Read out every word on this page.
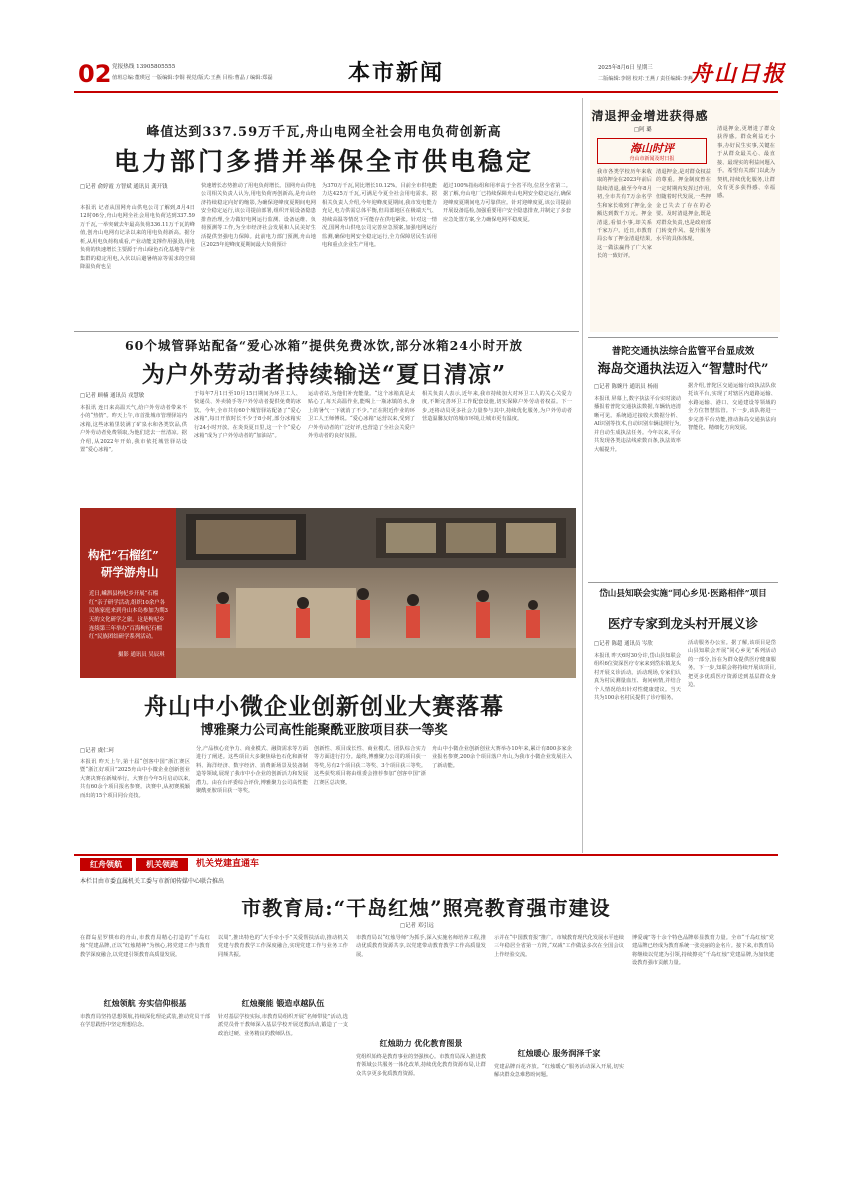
02 党报热线 13905805555
值班总编:董瑛冠 一版编辑:李铜 视觉/版式:王燕 目检:曹晶 / 编辑:郑磊	本市新闻	2025年8月6日 星期三
二版编辑:李钢 校对:王燕 / 责任编辑:李燕
舟山日报
峰值达到337.59万千瓦,舟山电网全社会用电负荷创新高
电力部门多措并举保全市供电稳定
□记者 俞婷霞 方智斌 通讯员 龚开钱
本报讯 记者从国网舟山供电公司了解到,8月4日12时06分,舟山电网全社会用电负荷达到337.59万千瓦,一举突破去年最高负荷336.11万千瓦的峰值,创舟山电网有记录以来的用电负荷新高。据分析,从用电负荷构成看,产业动能支撑作用强劲,用电负荷的快速增长主要源于舟山绿色石化基地等产业集群的稳定用电,入伏以后避暑纳凉等需求的空调降温负荷也呈
快速增长态势推动了用电负荷增长。国网舟山供电公司相关负责人认为,用电负荷再创新高,是舟山经济持续稳定向好的缩影,为确保迎峰度夏期间电网安全稳定运行,该公司提前部署,组织开展设备隐患排查治理,全力做好电网运行监测、设备运维、负荷预测等工作,为全市经济社会发展和人民美好生活提供坚强电力保障。此前电力部门预测,舟山地区2025年迎峰度夏期间最大负荷预计
为370万千瓦,同比增长10.12%。目前全市供电能力达425万千瓦,可满足今夏全社会用电需求。据相关负责人介绍,今年迎峰度夏期间,我市发电能力充足,电力供需总体平衡,但局部地区在极端天气、持续高温等情况下可能存在供电紧张。针对这一情况,国网舟山供电公司完善应急预案,加强电网运行监测,确保电网安全稳定运行,全力保障居民生活用电和重点企业生产用电。
超过100%指标组和用率高于全省平均,位居全省第二。据了解,舟山电厂已持续保障舟山电网安全稳定运行,确保迎峰度夏期间电力可靠供应。针对迎峰度夏,该公司提前开展设备巡检,加强重要用户安全隐患排查,并制定了多套应急处置方案,全力确保电网平稳度夏。
60个城管驿站配备“爱心冰箱”提供免费冰饮,部分冰箱24小时开放
为户外劳动者持续输送“夏日清凉”
□记者 顾楠 通讯员 戎慧敏
本报讯 连日来高温天气,给户外劳动者带来不小的“热情”。昨天上午,市首批城市管理驿站内冰箱,这些冰箱里装满了矿泉水和各类饮品,供户外劳动者免费领取,为他们送去一丝清凉。据介绍,从2022年开始,我市依托城管驿站设置“爱心冰箱”,
于每年7月1日至10月15日期间为环卫工人、快递员、外卖骑手等户外劳动者提供免费的冰饮。今年,全市共有60个城管驿站配备了“爱心冰箱”,每日开放时长不少于8小时,部分冰箱实行24小时开放。在炎炎夏日里,这一个个“爱心冰箱”成为了户外劳动者的“加油站”。
运动者站,为他们补充能量。“这个冰箱真是太贴心了,每天高温作业,能喝上一瓶冰镇的水,身上的暑气一下就消了不少。”正在附近作业的环卫工人王师傅说。“爱心冰箱”运营以来,受到了户外劳动者的广泛好评,也营造了全社会关爱户外劳动者的良好氛围。
相关负责人表示,近年来,我市持续加大对环卫工人的关心关爱力度,不断完善环卫工作配套设施,切实保障户外劳动者权益。下一步,还将动员更多社会力量参与其中,持续优化服务,为户外劳动者营造温馨友好的城市环境,让城市更有温度。
构杞“石榴红”
研学游舟山
近日,嵊泗县枸杞乡开展“石榴红”亲子研学活动,组织10余户各民族家庭来到舟山本岛参加为期3天的文化研学之旅。这是枸杞乡连续第三年举办“百海枸杞石榴红”民族团结研学系列活动。
摄影 通讯员 吴辰琪
舟山中小微企业创新创业大赛落幕
博雅聚力公司高性能聚酰亚胺项目获一等奖
□记者 虞仁珂
本报讯 昨天上午,第十届“创客中国”浙江赛区暨“浙江好项目”2025舟山中小微企业创新创业大赛决赛在新城举行。大赛自今年5月启动以来,共有60余个项目报名参赛。决赛中,从初赛脱颖而出的15个项目同台竞技。
分,产品核心竞争力、商业模式、融资需求等方面进行了阐述。这些项目大多聚焦绿色石化和新材料、海洋经济、数字经济、消费新场景及装备制造等领域,展现了我市中小企业的创新活力和发展潜力。由在台评委综合评价,博雅聚力公司高性能聚酰亚胺项目获一等奖。
创新性、项目成长性、商业模式、团队综合实力等方面进行打分。最终,博雅聚力公司的项目获一等奖,另有2个项目获二等奖、3个项目获三等奖。这些获奖项目将由组委会推荐参加“创客中国”浙江赛区总决赛。
舟山中小微企业创新创业大赛举办10年来,累计有800多家企业报名参赛,200余个项目落户舟山,为我市小微企业发展注入了新动能。
清退押金增进获得感
□阿 璐
海山时评
舟山市新闻及时日报
我市各类学校历年来收取的押金在2023年前后陆续清退,截至今年8月初,全市共有7万余名学生和家长收到了押金,金额达到数千万元。押金清退,看似小事,却关系千家万户。近日,市教育局公布了押金清退结果,这一做法赢得了广大家长的一致好评。
清退押金,是对群众权益的尊重。押金制度曾在一定时期内发挥过作用,但随着时代发展,一些押金已失去了存在的必要。及时清退押金,既是对群众负责,也是政府部门转变作风、提升服务水平的具体体现。
清退押金,更增进了群众获得感。群众利益无小事,办好民生实事,关键在于从群众最关心、最直接、最现实的利益问题入手。希望有关部门以此为契机,持续优化服务,让群众有更多获得感、幸福感。
普陀交通执法综合监管平台显成效
海岛交通执法迈入“智慧时代”
□记者 陈婉丹 通讯员 杨雨
本报讯 屏幕上,数字执法平台实时滚动播报着普陀交通执法数据,车辆轨迹清晰可见。系统通过接收大数据分析、AI识别等技术,自动识别车辆违规行为,并自动生成执法任务。今年以来,平台共发现各类违法线索数百条,执法效率大幅提升。
据介绍,普陀区交通运输行政执法队依托该平台,实现了对辖区内道路运输、水路运输、港口、交通建设等领域的全方位智慧监管。下一步,该队将进一步完善平台功能,推动海岛交通执法向智能化、精细化方向发展。
岱山县知联会实施“同心乡见·医路相伴”项目
医疗专家到龙头村开展义诊
□记者 陈超 通讯员 岑欣
本报讯 昨天6时30分许,岱山县知联会组织6位资深医疗专家来到岱东镇龙头村开展义诊活动。活动现场,专家们认真为村民测量血压、询问病情,并结合个人情况给出针对性健康建议。当天共为100余名村民提供了诊疗服务。
活动服务办公室。据了解,该项目是岱山县知联会开展“同心乡见”系列活动的一部分,旨在为群众提供医疗健康服务。下一步,知联会将持续开展该项目,把更多优质医疗资源送到基层群众身边。
红舟领航	机关领跑	机关党建直通车
本栏目由市委直属机关工委与市新闻传媒中心联合推出
市教育局:“干岛红烛”照亮教育强市建设
□记者 邓引远
在群岛星罗棋布的舟山,市教育局精心打造的“千岛红烛”党建品牌,正以“红烛精神”为核心,将党建工作与教育教学深度融合,以党建引领教育高质量发展。
红烛领航 夯实信仰根基
市教育局坚持思想领航,持续深化理论武装,推动党员干部在学思践悟中坚定理想信念。
以周”,推出特色的“大手牵小手”关爱帮扶活动,推动机关党建与教育教学工作深度融合,实现党建工作与业务工作同频共振。
红烛聚能 锻造卓越队伍
针对基层学校实际,市教育局组织开展“名师带徒”活动,选派党员骨干教师深入基层学校开展送教活动,锻造了一支政治过硬、业务精良的教师队伍。
市教育局以“红烛导师”为抓手,深入实施名师培养工程,推动优质教育资源共享,以党建带动教育教学工作高质量发展。
红烛助力 优化教育图景
党组织始终是教育事业的坚强核心。市教育局深入推进教育领域公共服务一体化改革,持续优化教育资源布局,让群众共享更多优质教育资源。
示并在“中国教育报”推广。市城教育现代化发展水平连续三年稳居全省第一方阵,“双减”工作做法多次在全国会议上作经验交流。
红烛暖心 服务润泽千家
党建品牌百花齐放。“红烛暖心”服务活动深入开展,切实解决群众急难愁盼问题。
博爱魂”等十余个特色品牌彰显教育力量。全市“千岛红烛”党建品牌已经成为教育系统一张亮丽的金名片。接下来,市教育局将继续以党建为引领,持续擦亮“千岛红烛”党建品牌,为加快建设教育强市贡献力量。
